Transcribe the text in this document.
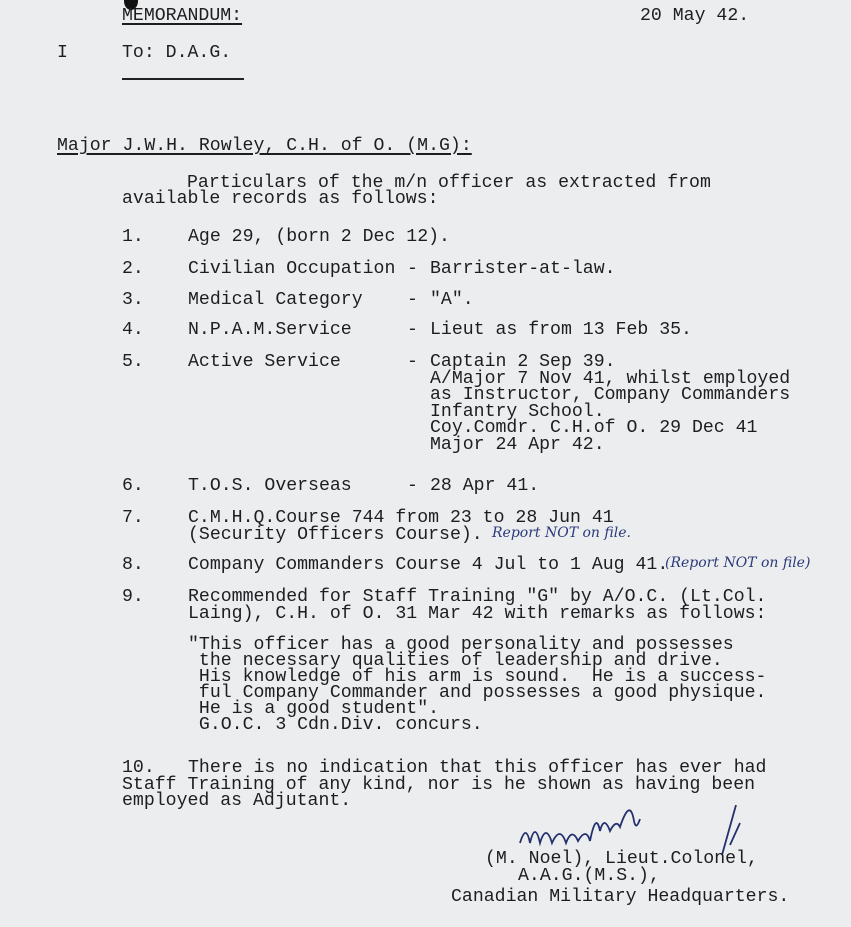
MEMORANDUM:	20 May 42.
I	To: D.A.G.
Major J.W.H. Rowley, C.H. of O. (M.G):
Particulars of the m/n officer as extracted from
available records as follows:
1. Age 29, (born 2 Dec 12).
2. Civilian Occupation - Barrister-at-law.
3. Medical Category - "A".
4. N.P.A.M.Service	- Lieut as from 13 Feb 35.
5. Active Service	- Captain 2 Sep 39.
A/Major 7 Nov 41, whilst employed
as Instructor, Company Commanders
Infantry School.
Coy.Comdr. C.H.of O. 29 Dec 41
Major 24 Apr 42.
6. T.O.S. Overseas	- 28 Apr 41.
7. C.M.H.Q.Course 744 from 23 to 28 Jun 41
(Security Officers Course). Report NOT on file.
8. Company Commanders Course 4 Jul to 1 Aug 41.
(Report NOT on file)
9. Recommended for Staff Training "G" by A/O.C. (Lt.Col.
Laing), C.H. of O. 31 Mar 42 with remarks as follows:
"This officer has a good personality and possesses
the necessary qualities of leadership and drive.
His knowledge of his arm is sound.  He is a success-
ful Company Commander and possesses a good physique.
He is a good student".
G.O.C. 3 Cdn.Div. concurs.
10. There is no indication that this officer has ever had
Staff Training of any kind, nor is he shown as having been
employed as Adjutant.
(M. Noel), Lieut.Colonel,
A.A.G.(M.S.),
Canadian Military Headquarters.
